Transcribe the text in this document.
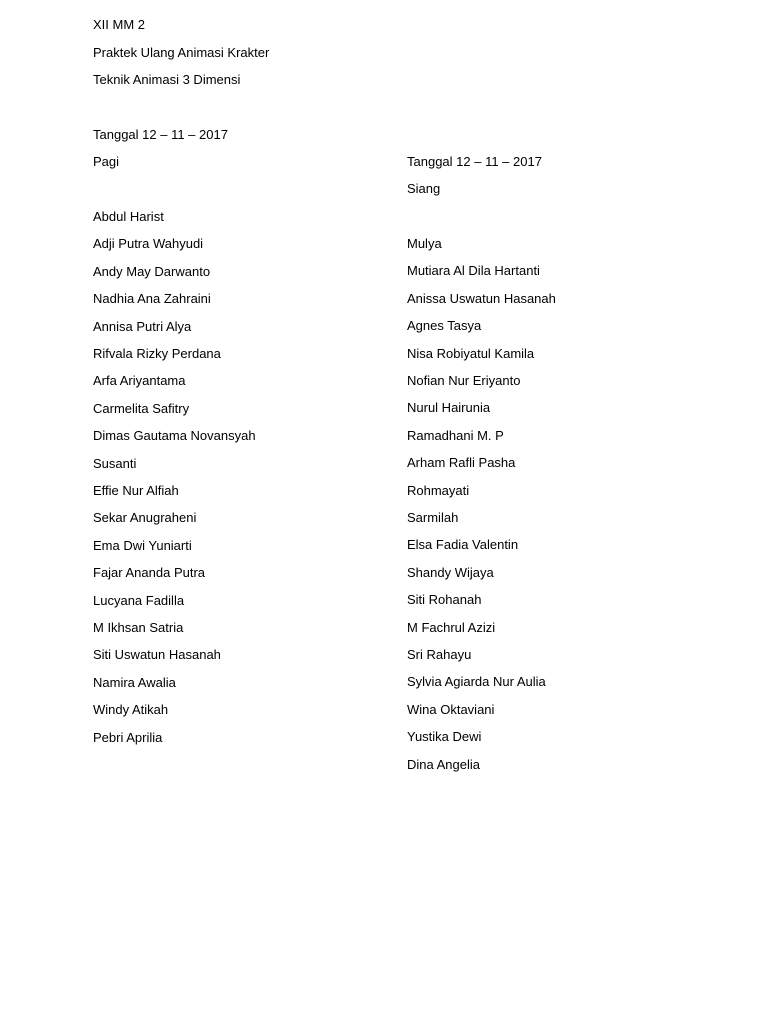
XII MM 2
Praktek Ulang Animasi Krakter
Teknik Animasi 3 Dimensi
Tanggal 12 – 11 – 2017
Pagi	Tanggal 12 – 11 – 2017
Siang
Abdul Harist
Adji Putra Wahyudi
Andy May Darwanto
Nadhia Ana Zahraini
Annisa Putri Alya
Rifvala Rizky Perdana
Arfa Ariyantama
Carmelita Safitry
Dimas Gautama Novansyah
Susanti
Effie Nur Alfiah
Sekar Anugraheni
Ema Dwi Yuniarti
Fajar Ananda Putra
Lucyana Fadilla
M Ikhsan Satria
Siti Uswatun Hasanah
Namira Awalia
Windy Atikah
Pebri Aprilia
Mulya
Mutiara Al Dila Hartanti
Anissa Uswatun Hasanah
Agnes Tasya
Nisa Robiyatul Kamila
Nofian Nur Eriyanto
Nurul Hairunia
Ramadhani M. P
Arham Rafli Pasha
Rohmayati
Sarmilah
Elsa Fadia Valentin
Shandy Wijaya
Siti Rohanah
M Fachrul Azizi
Sri Rahayu
Sylvia Agiarda Nur Aulia
Wina Oktaviani
Yustika Dewi
Dina Angelia
